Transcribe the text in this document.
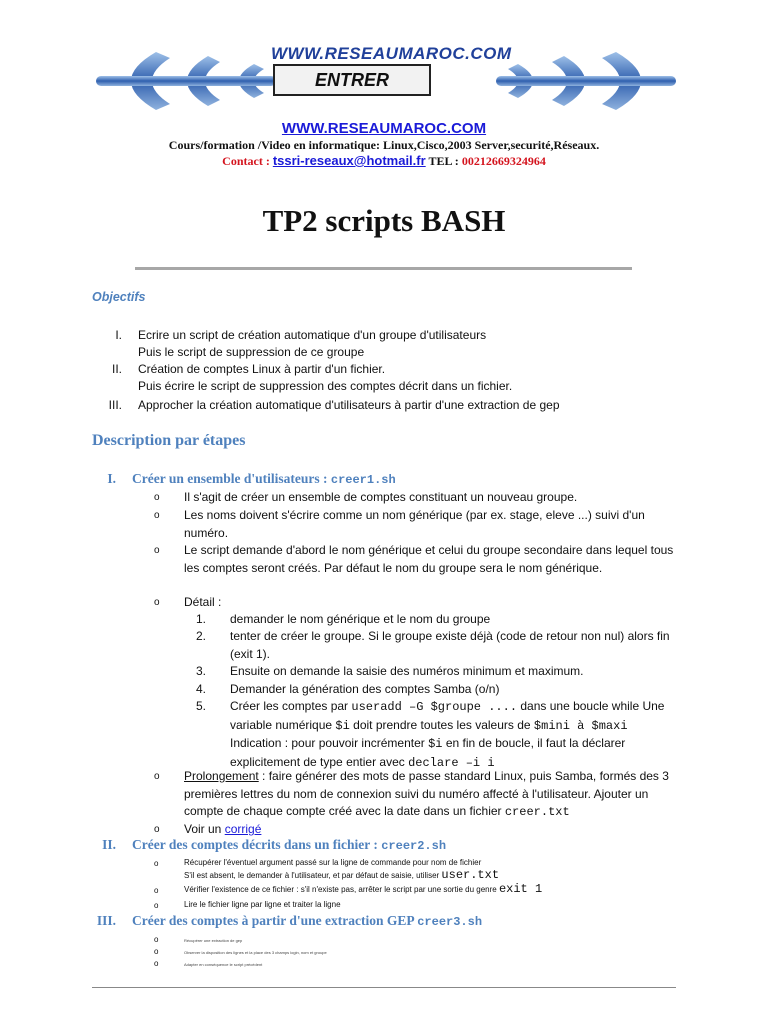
WWW.RESEAUMAROC.COM
ENTRER
WWW.RESEAUMAROC.COM
Cours/formation /Video en informatique: Linux,Cisco,2003 Server,securité,Réseaux.
Contact : tssri-reseaux@hotmail.fr TEL : 00212669324964
TP2 scripts BASH
Objectifs
I. Ecrire un script de création automatique d'un groupe d'utilisateurs
Puis le script de suppression de ce groupe
II. Création de comptes Linux à partir d'un fichier.
Puis écrire le script de suppression des comptes décrit dans un fichier.
III. Approcher la création automatique d'utilisateurs à partir d'une extraction de gep
Description par étapes
I. Créer un ensemble d'utilisateurs : creer1.sh
o Il s'agit de créer un ensemble de comptes constituant un nouveau groupe.
o Les noms doivent s'écrire comme un nom générique (par ex. stage, eleve ...) suivi d'un numéro.
o Le script demande d'abord le nom générique et celui du groupe secondaire dans lequel tous les comptes seront créés. Par défaut le nom du groupe sera le nom générique.
o Détail :
1. demander le nom générique et le nom du groupe
2. tenter de créer le groupe. Si le groupe existe déjà (code de retour non nul) alors fin (exit 1).
3. Ensuite on demande la saisie des numéros minimum et maximum.
4. Demander la génération des comptes Samba (o/n)
5. Créer les comptes par useradd –G $groupe .... dans une boucle while Une variable numérique $i doit prendre toutes les valeurs de $mini à $maxi Indication : pour pouvoir incrémenter $i en fin de boucle, il faut la déclarer explicitement de type entier avec declare –i i
o Prolongement : faire générer des mots de passe standard Linux, puis Samba, formés des 3 premières lettres du nom de connexion suivi du numéro affecté à l'utilisateur. Ajouter un compte de chaque compte créé avec la date dans un fichier creer.txt
o Voir un corrigé
II. Créer des comptes décrits dans un fichier : creer2.sh
o	Récupérer l'éventuel argument passé sur la ligne de commande pour nom de fichier
S'il est absent, le demander à l'utilisateur, et par défaut de saisie, utiliser user.txt
o	Vérifier l'existence de ce fichier : s'il n'existe pas, arrêter le script par une sortie du genre exit 1
o	Lire le fichier ligne par ligne et traiter la ligne
III. Créer des comptes à partir d'une extraction GEP creer3.sh
o	Récupérer une extraction de gep
o	Observer la disposition des lignes et la place des 3 champs login, nom et groupe
o	Adapter en conséquence le script précédent
